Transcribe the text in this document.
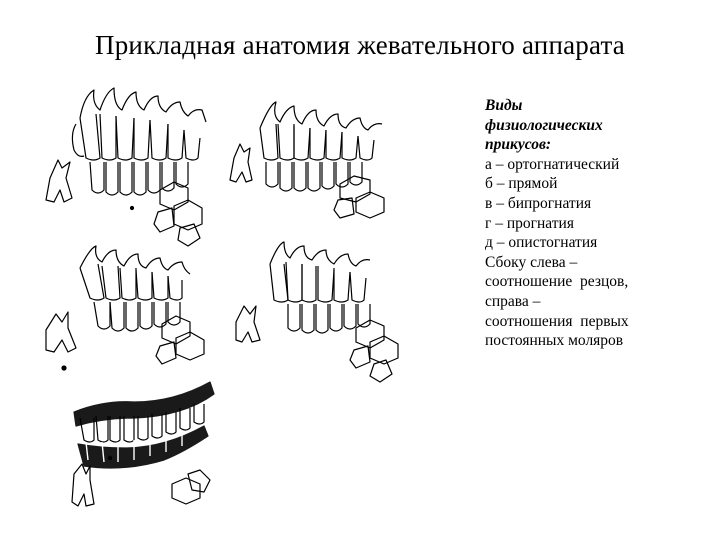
Прикладная анатомия жевательного аппарата
Виды
физиологических
прикусов:
а – ортогнатический
б – прямой
в – бипрогнатия
г – прогнатия
д – опистогнатия
Сбоку слева –
соотношение  резцов,
справа –
соотношения  первых
постоянных моляров
